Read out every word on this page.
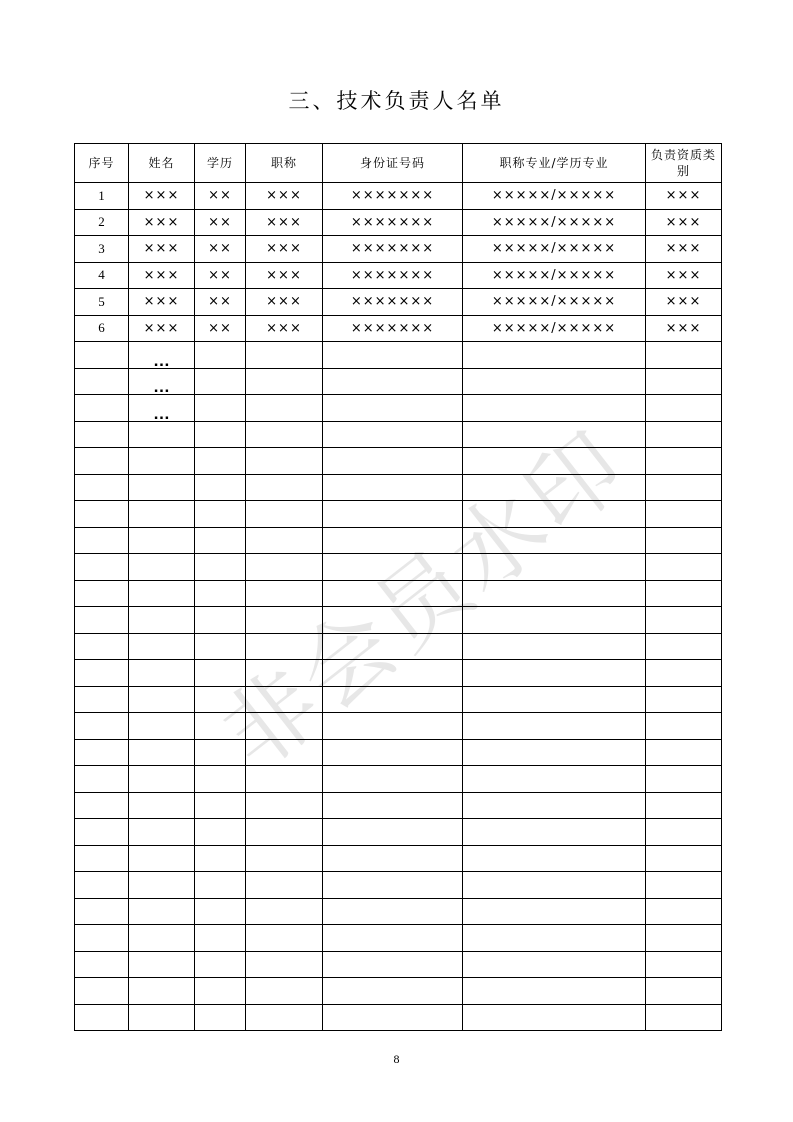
非会员水印
三、技术负责人名单
序号	姓名	学历	职称	身份证号码	职称专业/学历专业	负责资质类别
1	×××	××	×××	×××××××	×××××/×××××	×××
2	×××	××	×××	×××××××	×××××/×××××	×××
3	×××	××	×××	×××××××	×××××/×××××	×××
4	×××	××	×××	×××××××	×××××/×××××	×××
5	×××	××	×××	×××××××	×××××/×××××	×××
6	×××	××	×××	×××××××	×××××/×××××	×××
	…					
	…					
	…					

8
